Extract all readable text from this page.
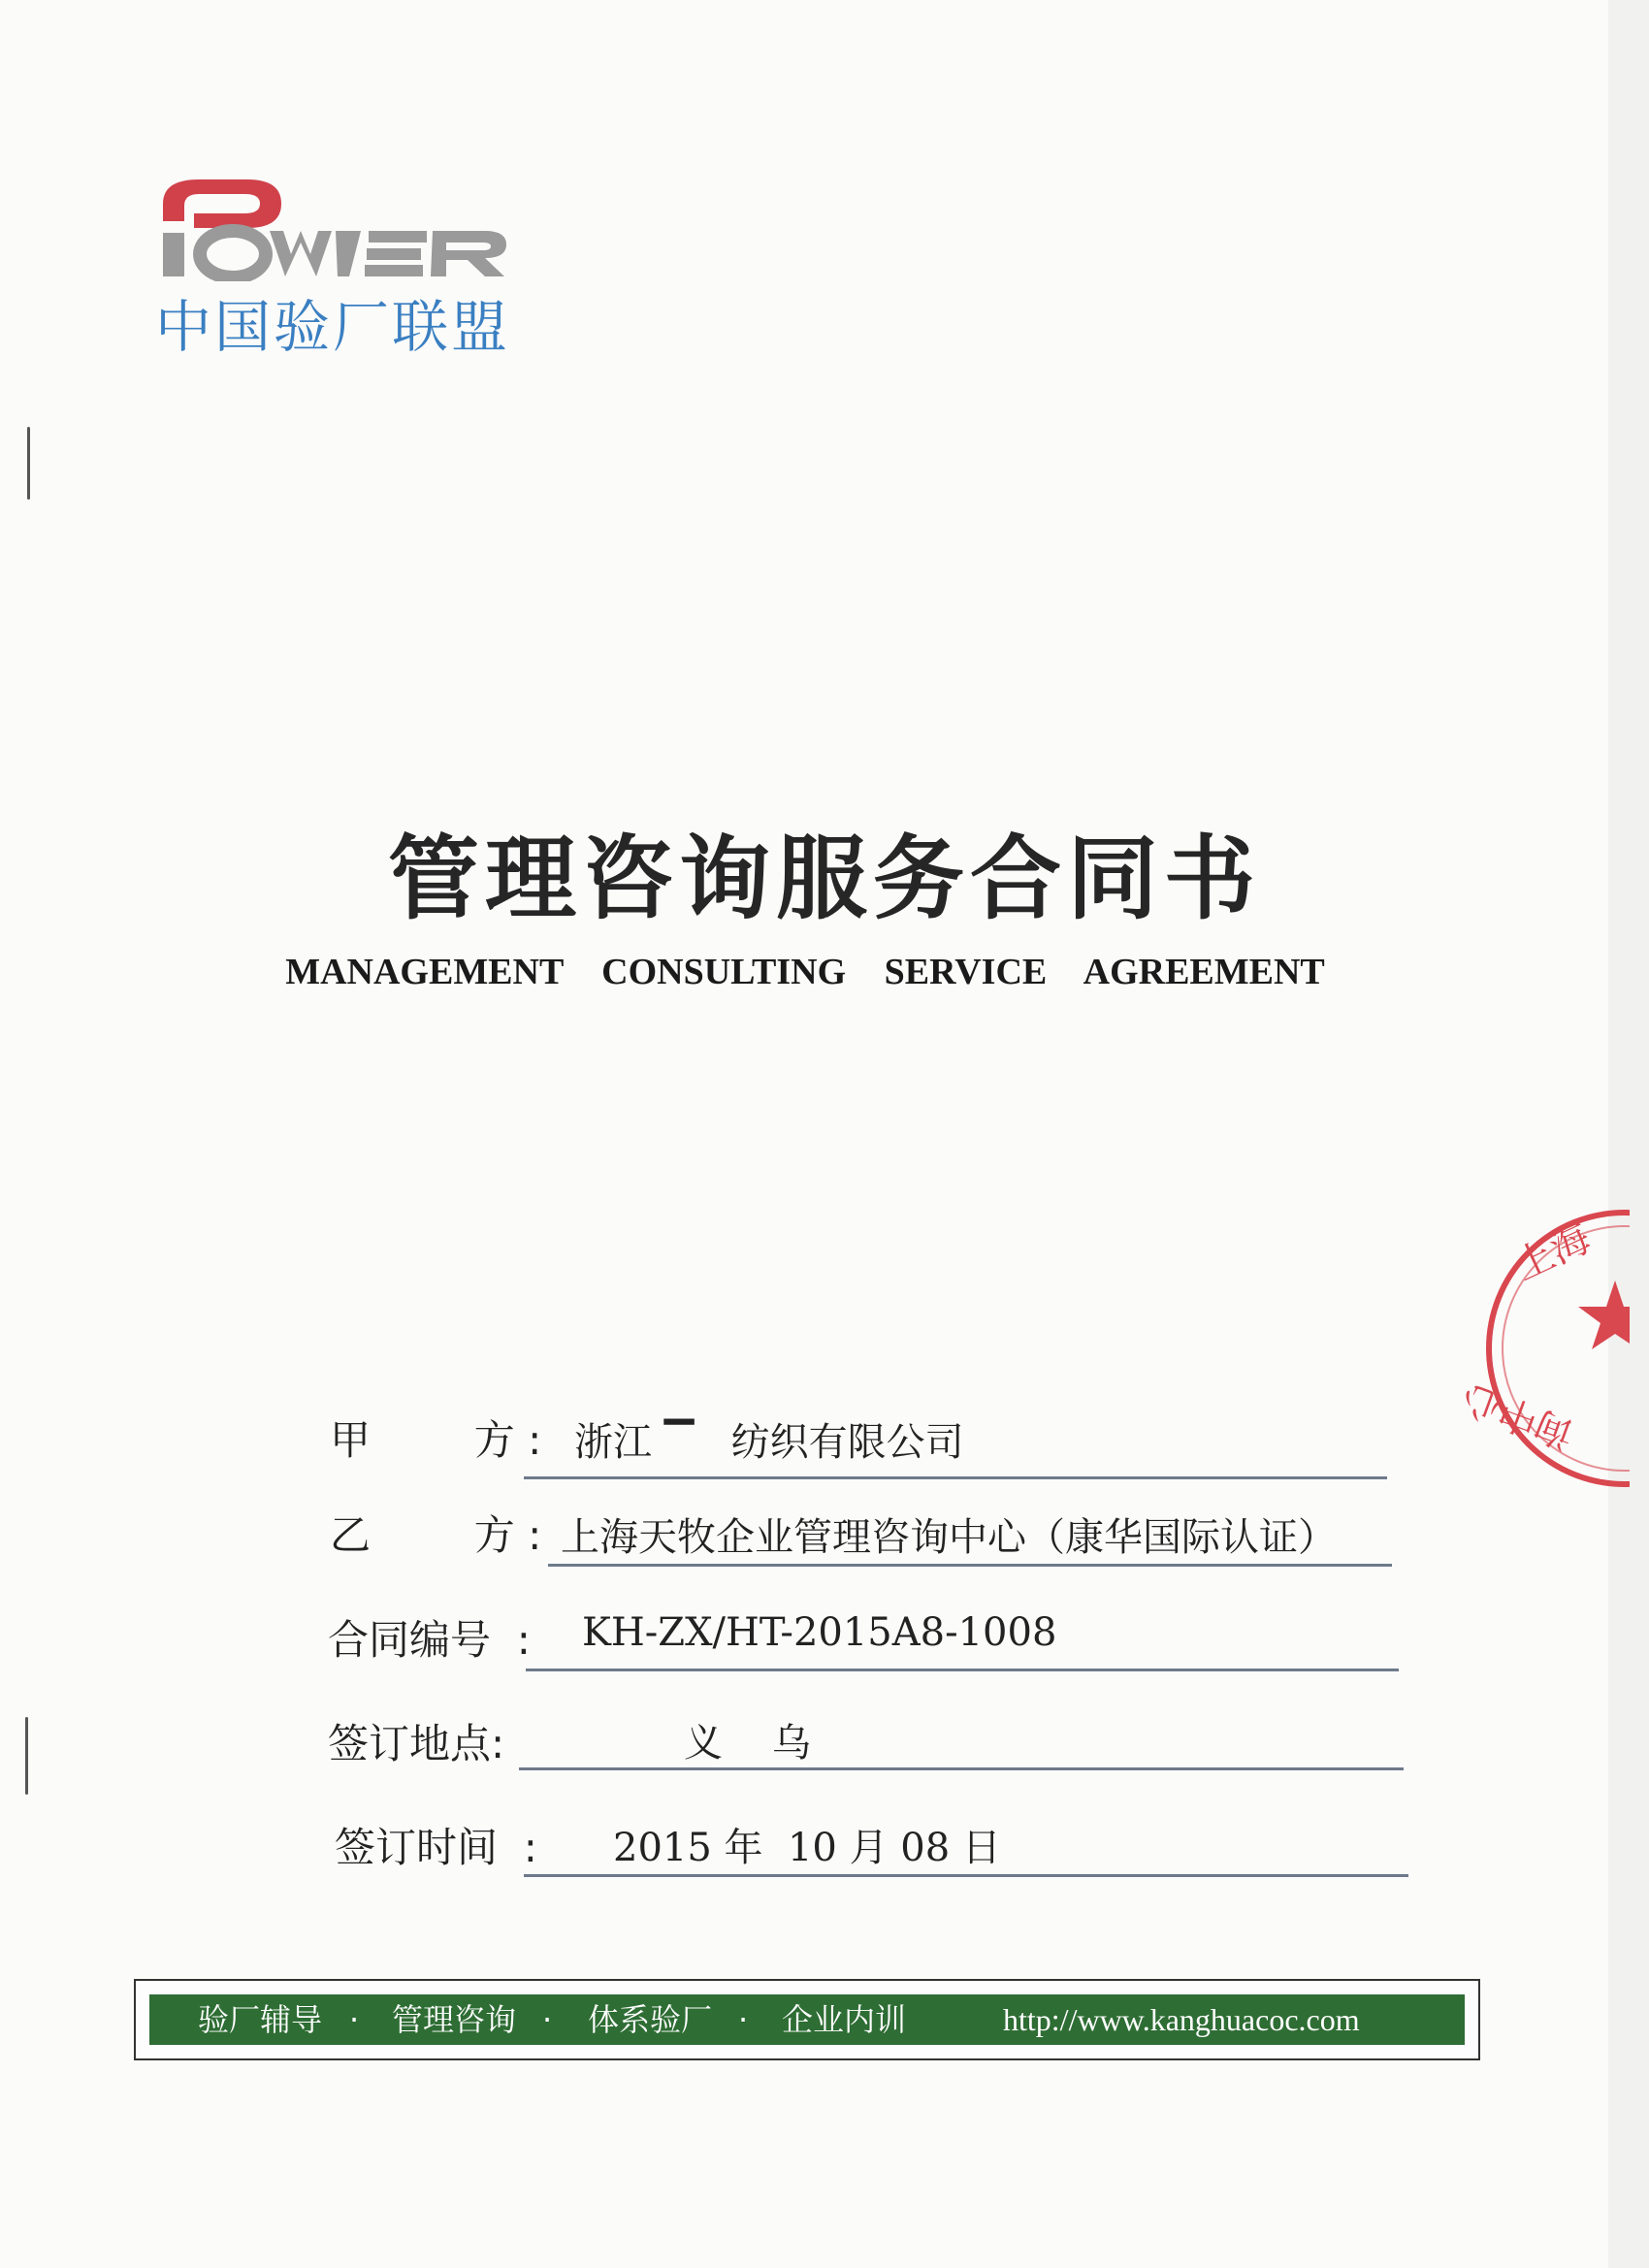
中国验厂联盟
管理咨询服务合同书
MANAGEMENT CONSULTING SERVICE AGREEMENT
甲        方 : 浙江 ▔   纺织有限公司
乙        方 : 上海天牧企业管理咨询中心（康华国际认证）
合同编号  : KH-ZX/HT-2015A8-1008
签订地点:	义    乌
签订时间  : 2015 年  10 月 08 日
上海
询中心
验厂辅导 · 管理咨询 · 体系验厂 · 企业内训	http://www.kanghuacoc.com
